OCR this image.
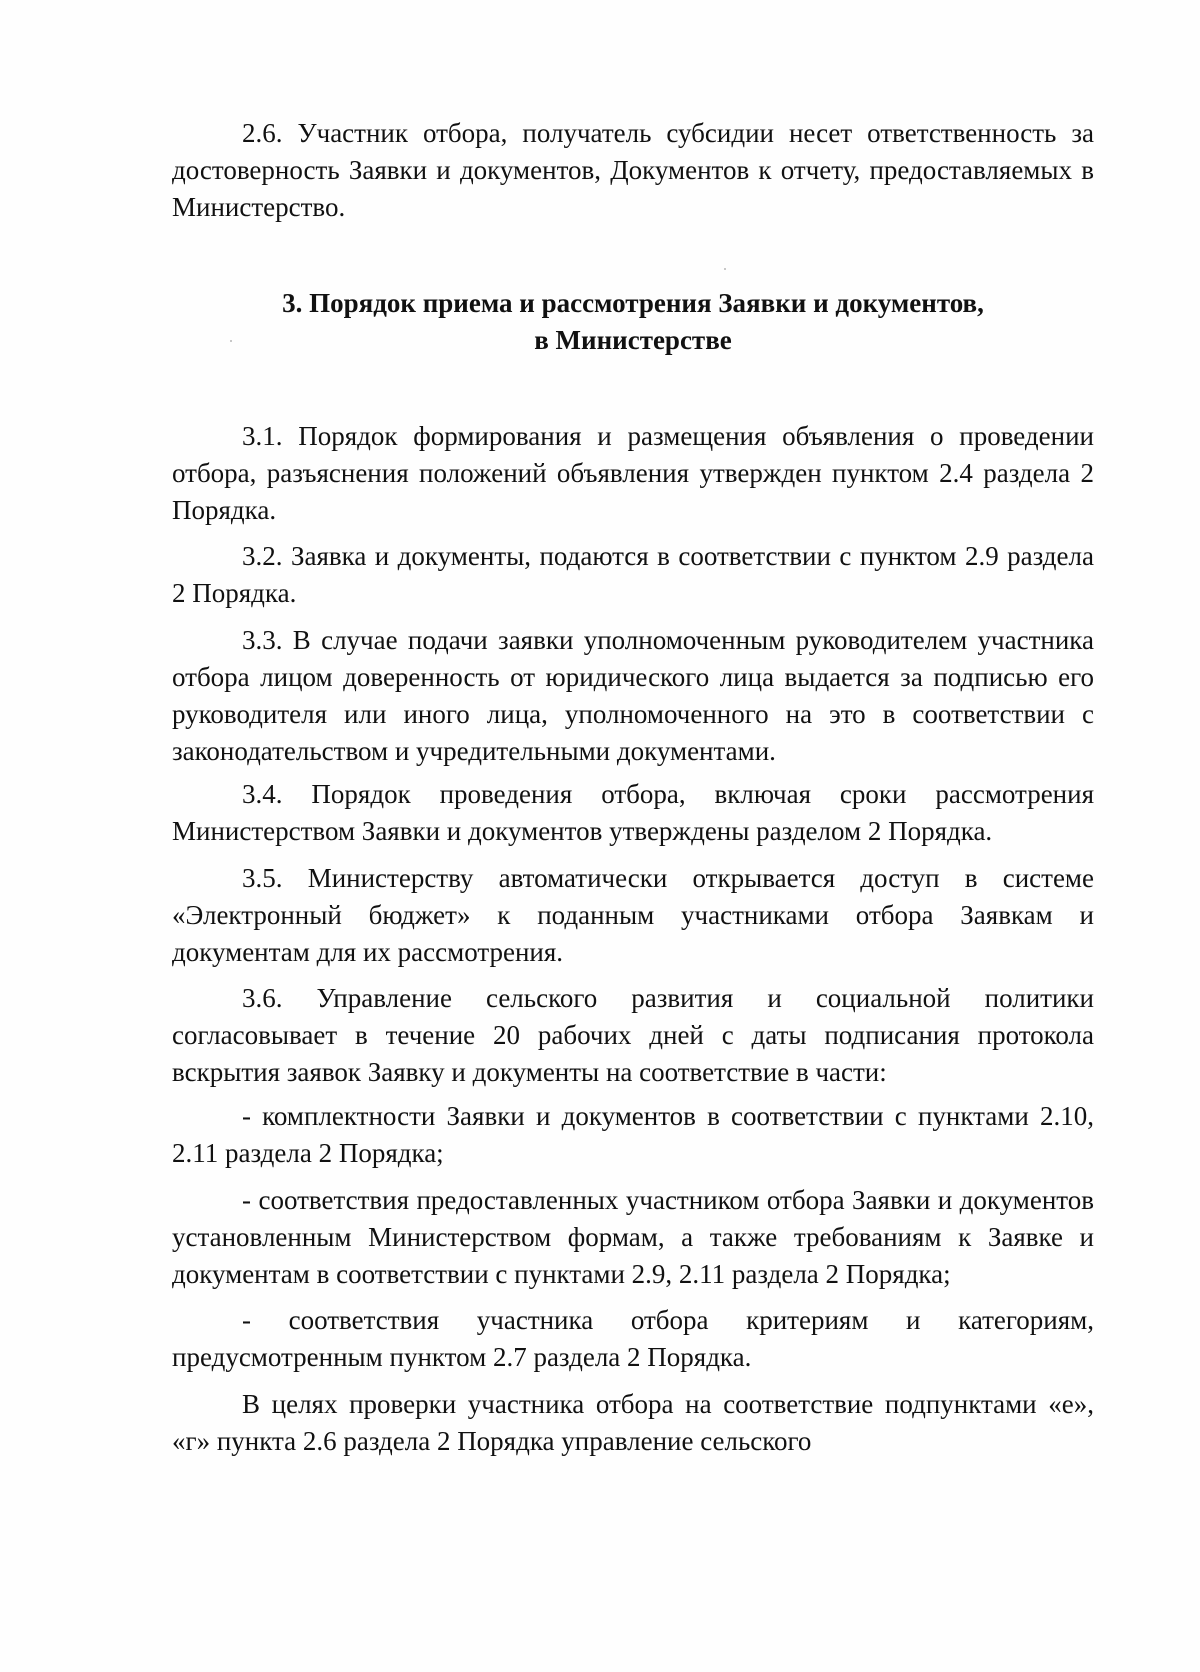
2.6. Участник отбора, получатель субсидии несет ответственность за достоверность Заявки и документов, Документов к отчету, предоставляемых в Министерство.

3. Порядок приема и рассмотрения Заявки и документов,
в Министерстве

3.1. Порядок формирования и размещения объявления о проведении отбора, разъяснения положений объявления утвержден пунктом 2.4 раздела 2 Порядка.

3.2. Заявка и документы, подаются в соответствии с пунктом 2.9 раздела 2 Порядка.

3.3. В случае подачи заявки уполномоченным руководителем участника отбора лицом доверенность от юридического лица выдается за подписью его руководителя или иного лица, уполномоченного на это в соответствии с законодательством и учредительными документами.

3.4. Порядок проведения отбора, включая сроки рассмотрения Министерством Заявки и документов утверждены разделом 2 Порядка.

3.5. Министерству автоматически открывается доступ в системе «Электронный бюджет» к поданным участниками отбора Заявкам и документам для их рассмотрения.

3.6. Управление сельского развития и социальной политики согласовывает в течение 20 рабочих дней с даты подписания протокола вскрытия заявок Заявку и документы на соответствие в части:

- комплектности Заявки и документов в соответствии с пунктами 2.10, 2.11 раздела 2 Порядка;

- соответствия предоставленных участником отбора Заявки и документов установленным Министерством формам, а также требованиям к Заявке и документам в соответствии с пунктами 2.9, 2.11 раздела 2 Порядка;

- соответствия участника отбора критериям и категориям, предусмотренным пунктом 2.7 раздела 2 Порядка.

В целях проверки участника отбора на соответствие подпунктами «е», «г» пункта 2.6 раздела 2 Порядка управление сельского
